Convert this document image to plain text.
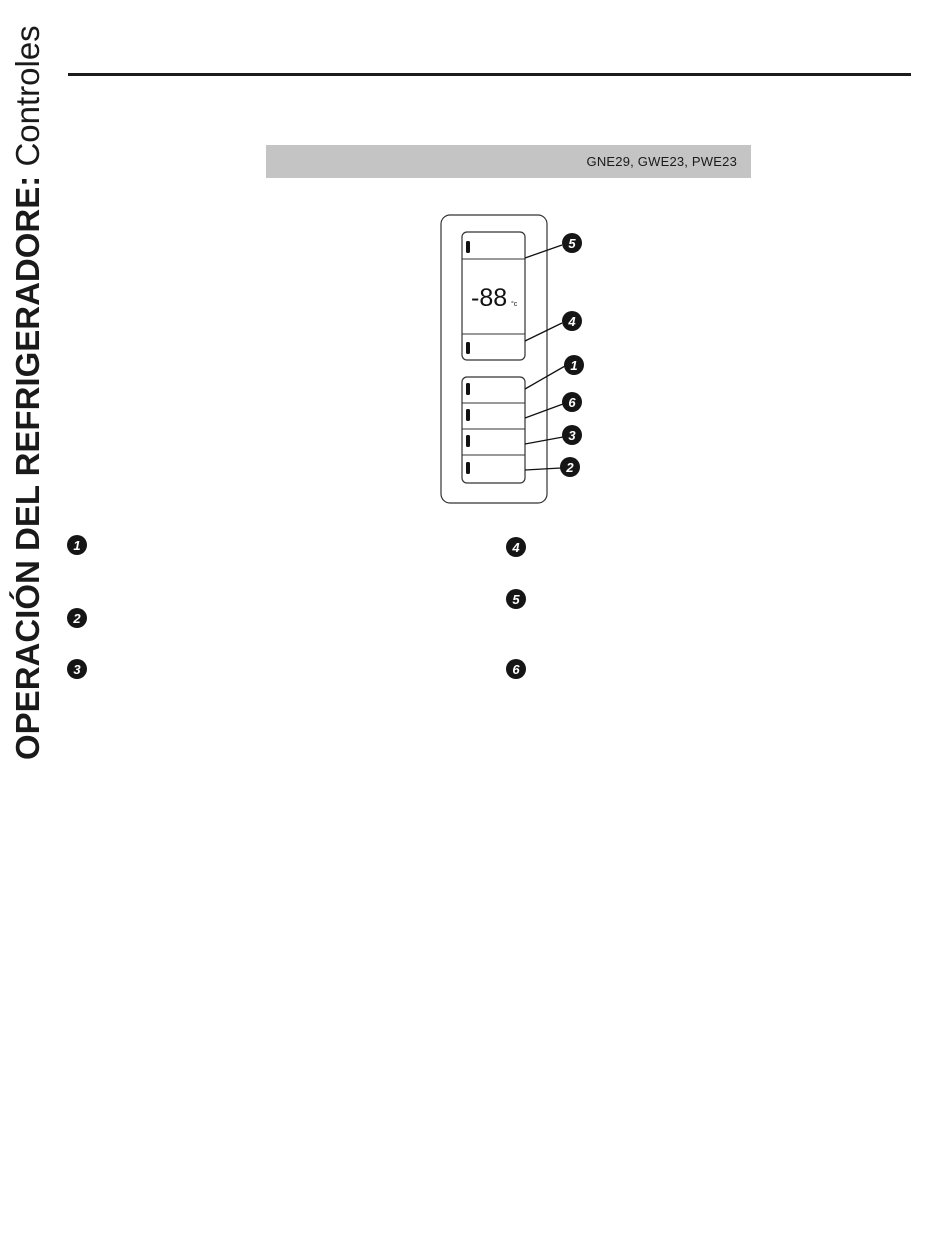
OPERACIÓN DEL REFRIGERADORE: Controles	GNE29, GWE23, PWE23
-88 °c
5
4
1
6
3
2
1
2
3
4
5
6
